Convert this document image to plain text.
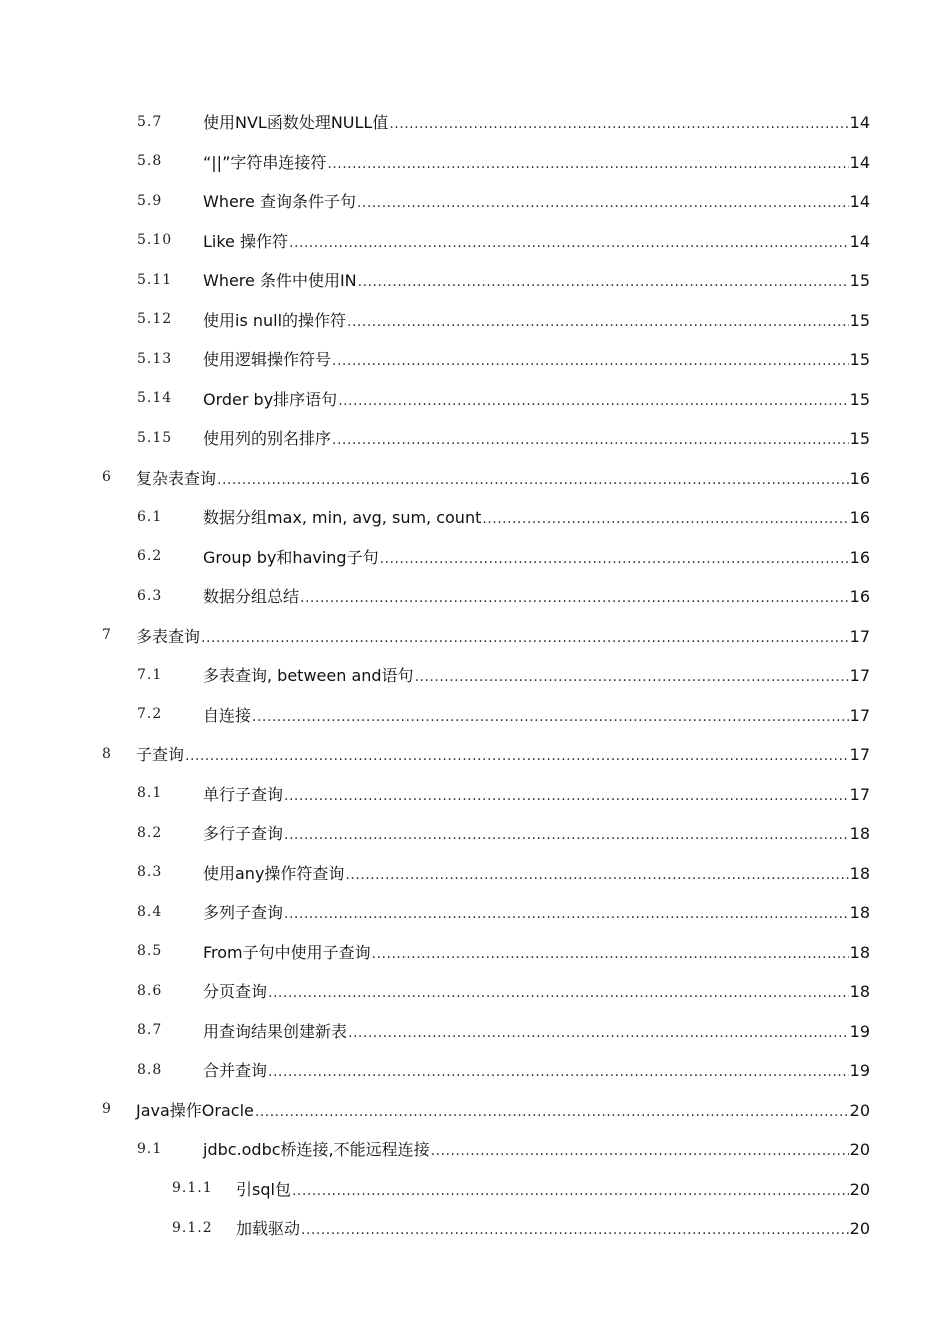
5.7	使用NVL函数处理NULL值 .....	14
5.8	“||”字符串连接符 .....	14
5.9	Where 查询条件子句 .....	14
5.10 Like 操作符 .....	14
5.11 Where 条件中使用IN .....	15
5.12 使用is null的操作符 .....	15
5.13 使用逻辑操作符号 .....	15
5.14 Order by排序语句 .....	15
5.15 使用列的别名排序 .....	15
6 复杂表查询 .....	16
6.1	数据分组max, min, avg, sum, count .....	16
6.2	Group by和having子句 .....	16
6.3	数据分组总结 .....	16
7 多表查询 .....	17
7.1	多表查询, between and语句 .....	17
7.2	自连接 .....	17
8 子查询 .....	17
8.1	单行子查询 .....	17
8.2	多行子查询 .....	18
8.3	使用any操作符查询 .....	18
8.4	多列子查询 .....	18
8.5	From子句中使用子查询 .....	18
8.6	分页查询 .....	18
8.7	用查询结果创建新表 .....	19
8.8	合并查询 .....	19
9 Java操作Oracle .....	20
9.1	jdbc.odbc桥连接,不能远程连接 .....	20
9.1.1 引sql包 .....	20
9.1.2 加载驱动 .....	20
